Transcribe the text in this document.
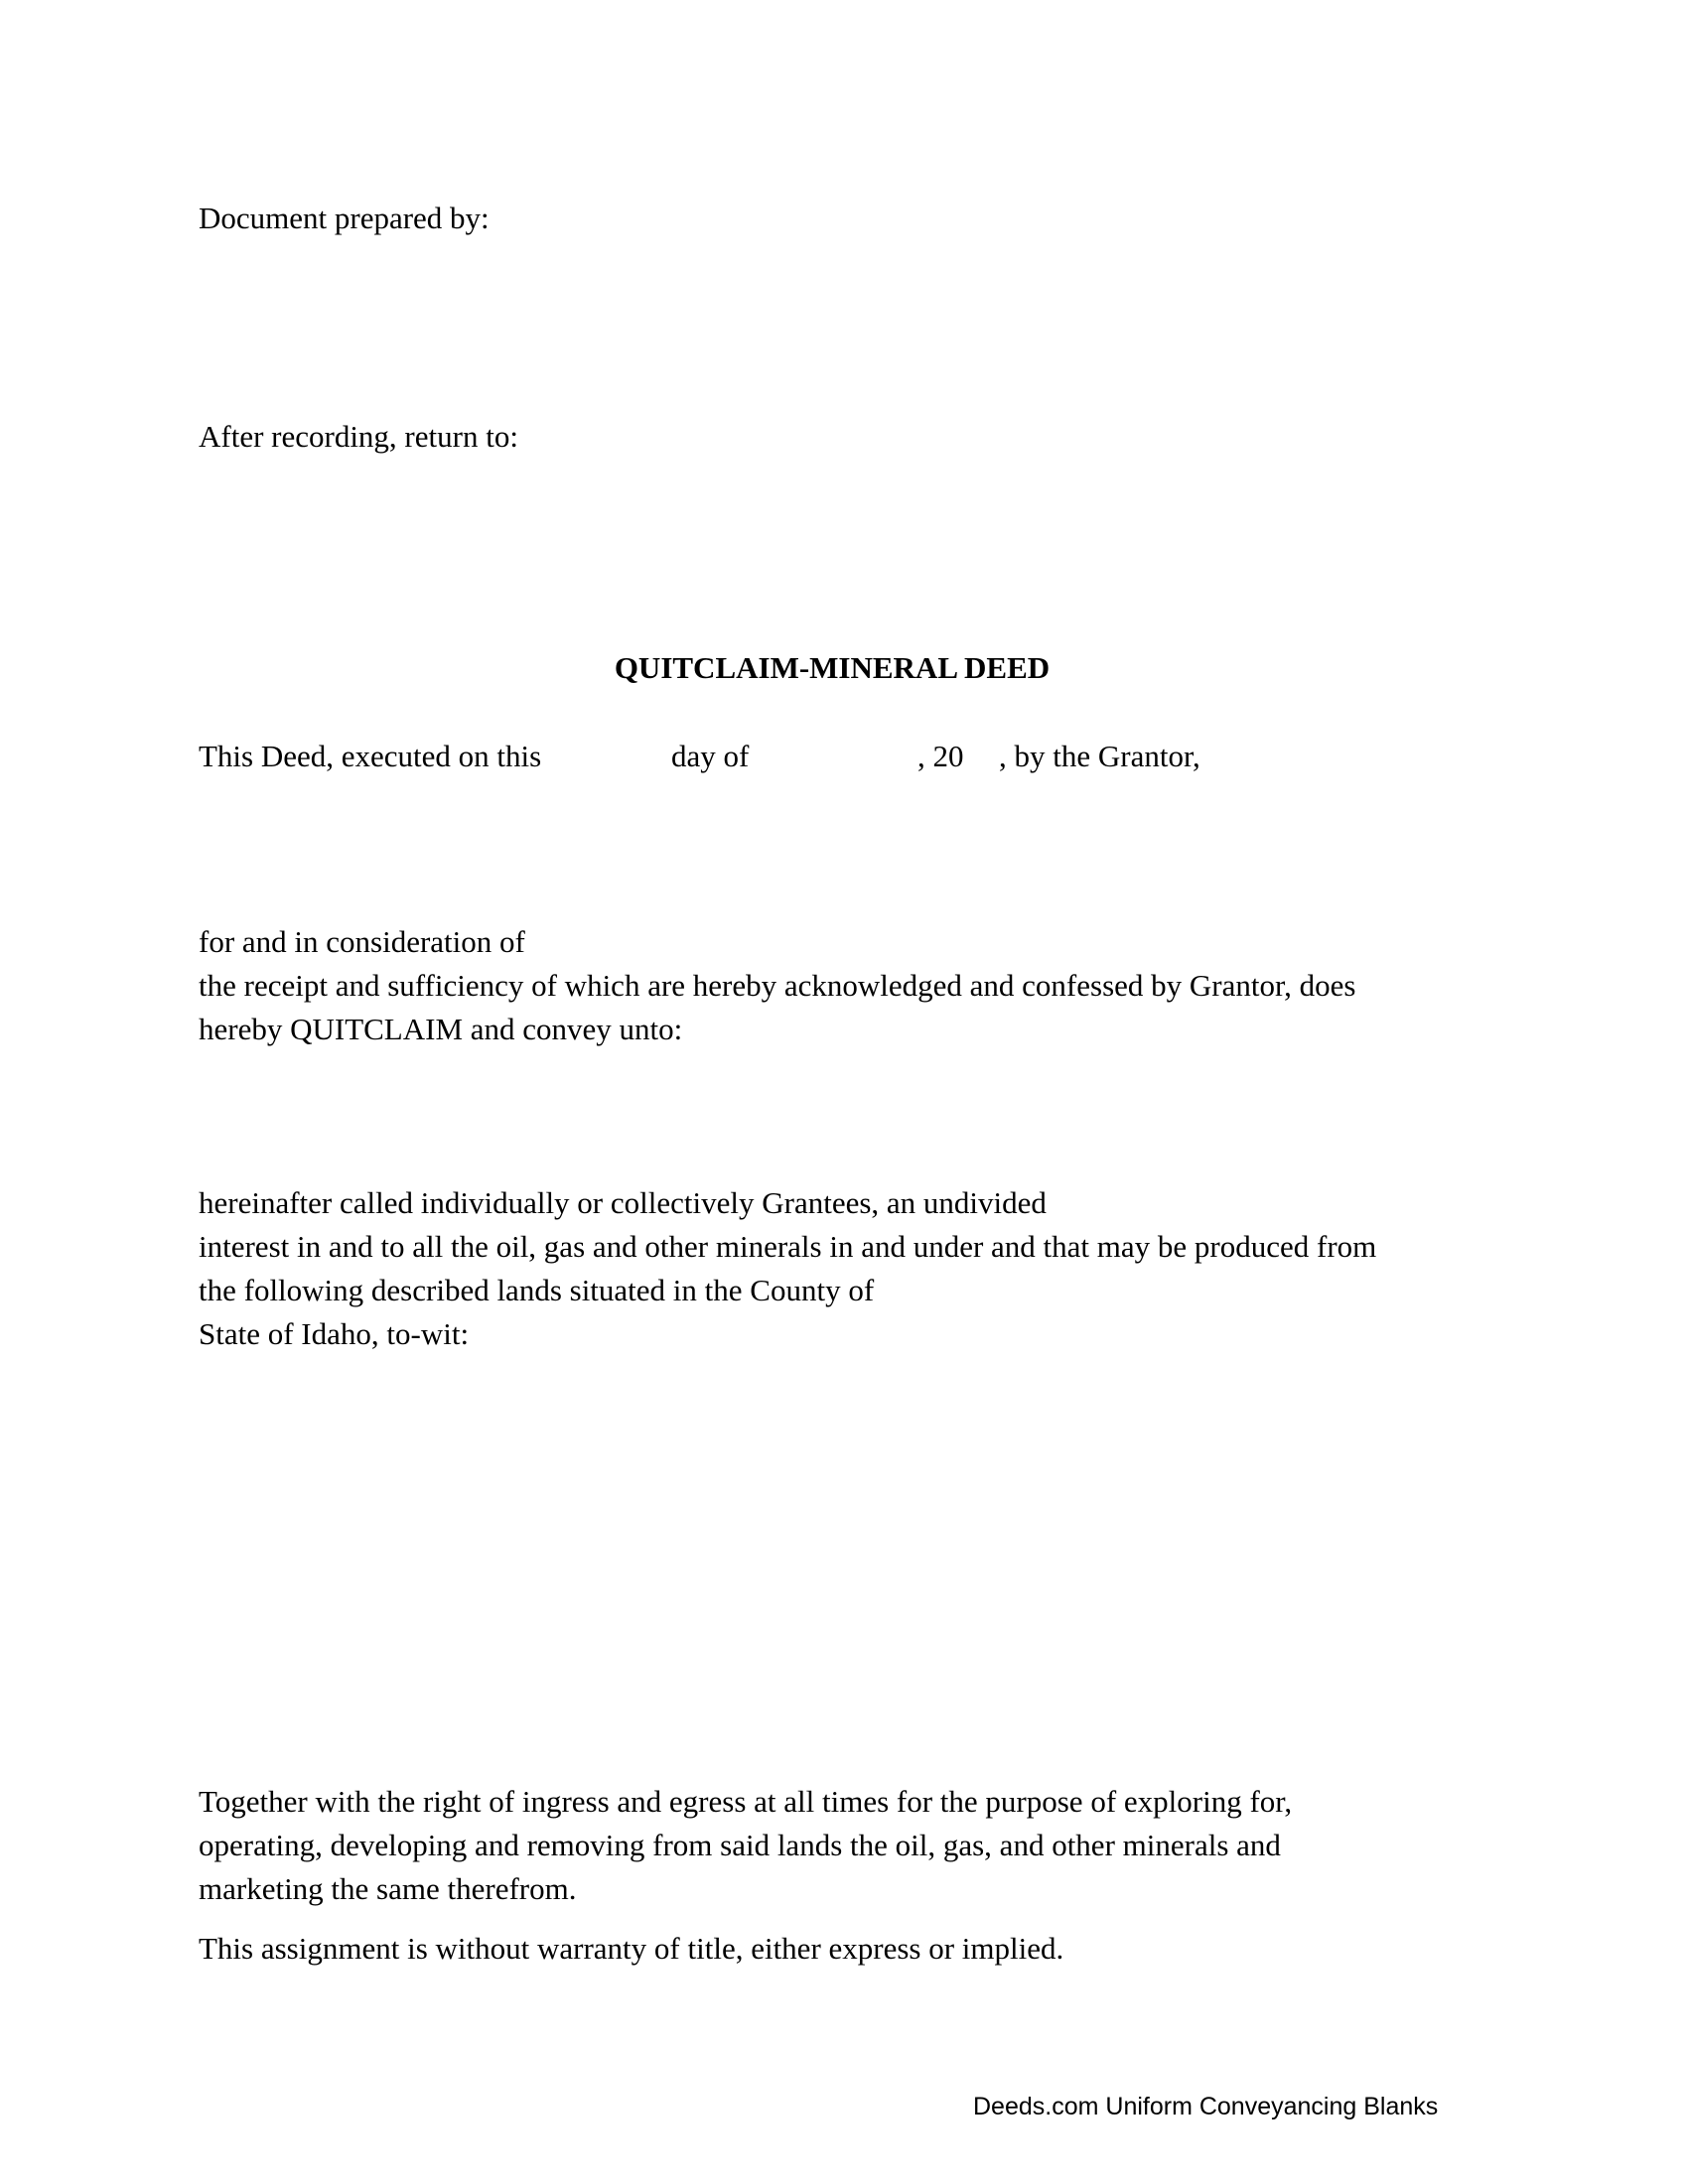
Document prepared by:
After recording, return to:
QUITCLAIM-MINERAL DEED
This Deed, executed on this	day of	, 20 , by the Grantor,
for and in consideration of
the receipt and sufficiency of which are hereby acknowledged and confessed by Grantor, does
hereby QUITCLAIM and convey unto:
hereinafter called individually or collectively Grantees, an undivided
interest in and to all the oil, gas and other minerals in and under and that may be produced from
the following described lands situated in the County of
State of Idaho, to-wit:
Together with the right of ingress and egress at all times for the purpose of exploring for,
operating, developing and removing from said lands the oil, gas, and other minerals and
marketing the same therefrom.
This assignment is without warranty of title, either express or implied.
Deeds.com Uniform Conveyancing Blanks
